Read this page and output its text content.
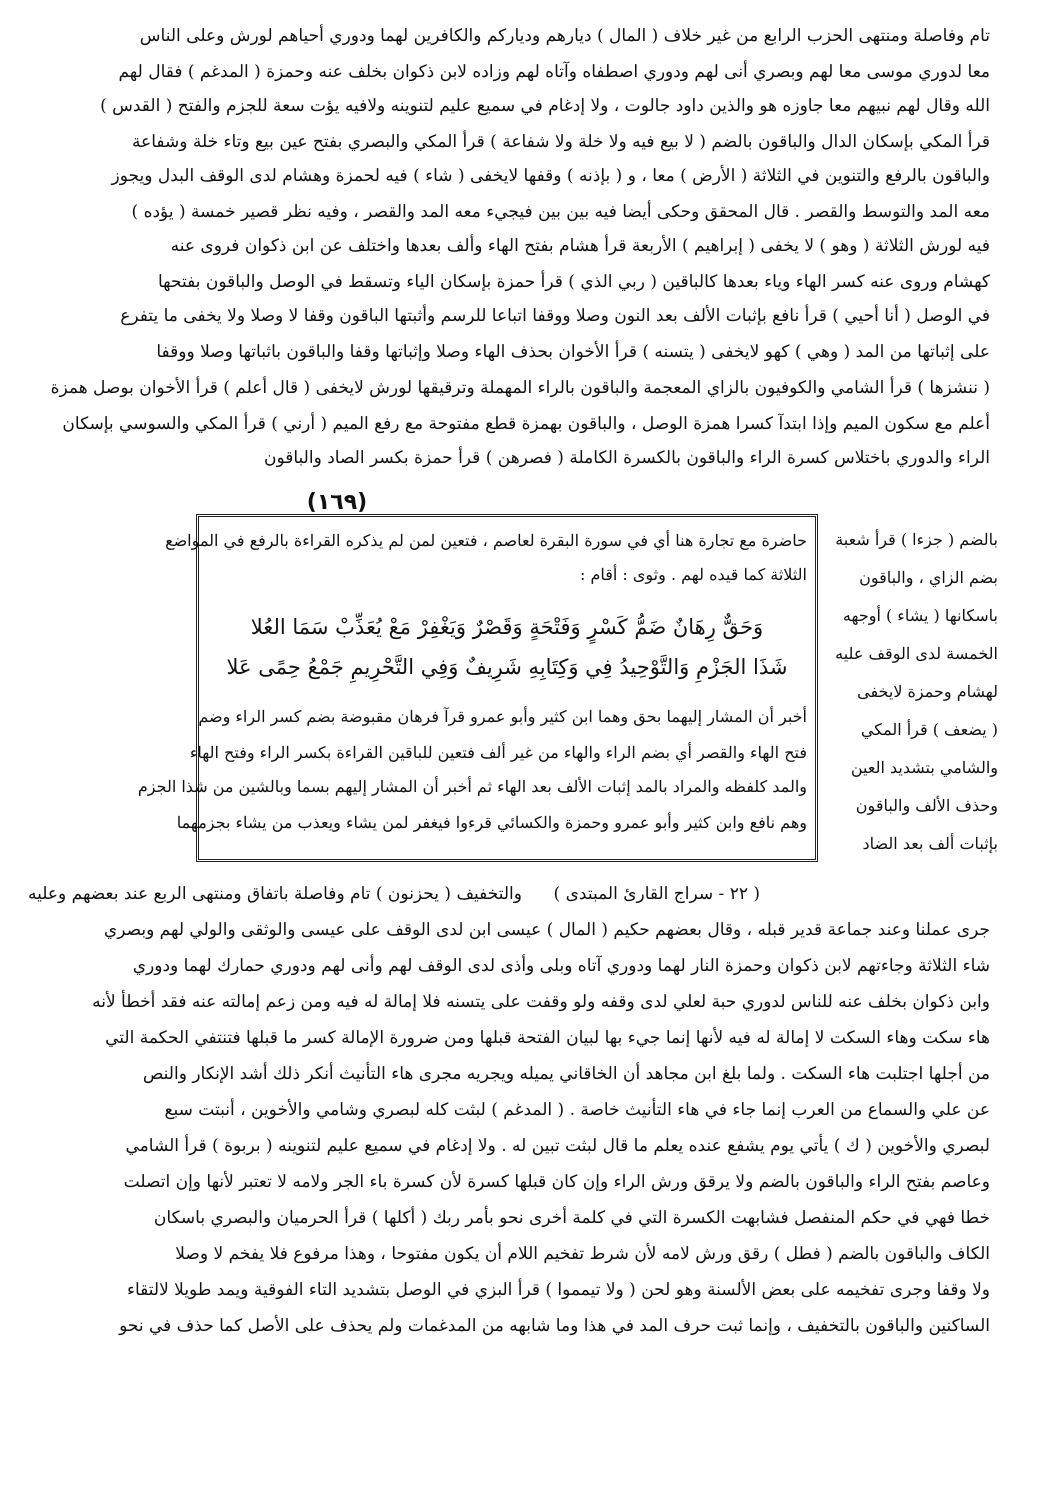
تام وفاصلة ومنتهى الحزب الرابع من غير خلاف ( المال ) ديارهم ودياركم والكافرين لهما ودوري أحياهم لورش وعلى الناس
معا لدوري موسى معا لهم وبصري أنى لهم ودوري اصطفاه وآتاه لهم وزاده لابن ذكوان بخلف عنه وحمزة ( المدغم ) فقال لهم
الله وقال لهم نبيهم معا جاوزه هو والذين داود جالوت ، ولا إدغام في سميع عليم لتنوينه ولافيه يؤت سعة للجزم والفتح ( القدس )
قرأ المكي بإسكان الدال والباقون بالضم ( لا بيع فيه ولا خلة ولا شفاعة ) قرأ المكي والبصري بفتح عين بيع وتاء خلة وشفاعة
والباقون بالرفع والتنوين في الثلاثة ( الأرض ) معا ، و ( بإذنه ) وقفها لايخفى ( شاء ) فيه لحمزة وهشام لدى الوقف البدل ويجوز
معه المد والتوسط والقصر . قال المحقق وحكى أيضا فيه بين بين فيجيء معه المد والقصر ، وفيه نظر قصير خمسة ( يؤده )
فيه لورش الثلاثة ( وهو ) لا يخفى ( إبراهيم ) الأربعة قرأ هشام بفتح الهاء وألف بعدها واختلف عن ابن ذكوان فروى عنه
كهشام وروى عنه كسر الهاء وياء بعدها كالباقين ( ربي الذي ) قرأ حمزة بإسكان الياء وتسقط في الوصل والباقون بفتحها
في الوصل ( أنا أحيي ) قرأ نافع بإثبات الألف بعد النون وصلا ووقفا اتباعا للرسم وأثبتها الباقون وقفا لا وصلا ولا يخفى ما يتفرع
على إثباتها من المد ( وهي ) كهو لايخفى ( يتسنه ) قرأ الأخوان بحذف الهاء وصلا وإثباتها وقفا والباقون باثباتها وصلا ووقفا
( ننشزها ) قرأ الشامي والكوفيون بالزاي المعجمة والباقون بالراء المهملة وترقيقها لورش لايخفى ( قال أعلم ) قرأ الأخوان بوصل همزة
أعلم مع سكون الميم وإذا ابتدآ كسرا همزة الوصل ، والباقون بهمزة قطع مفتوحة مع رفع الميم ( أرني ) قرأ المكي والسوسي بإسكان
الراء والدوري باختلاس كسرة الراء والباقون بالكسرة الكاملة ( فصرهن ) قرأ حمزة بكسر الصاد والباقون
(١٦٩)
بالضم ( جزءا ) قرأ شعبة
بضم الزاي ، والباقون
باسكانها ( يشاء ) أوجهه
الخمسة لدى الوقف عليه
لهشام وحمزة لايخفى
( يضعف ) قرأ المكي
والشامي بتشديد العين
وحذف الألف والباقون
بإثبات ألف بعد الضاد
حاضرة مع تجارة هنا أي في سورة البقرة لعاصم ، فتعين لمن لم يذكره القراءة بالرفع في المواضع
الثلاثة كما قيده لهم . وثوى : أقام :
وَحَقٌّ رِهَانٌ ضَمُّ كَسْرٍ وَفَتْحَةٍ وَقَصْرٌ وَيَغْفِرْ مَعْ يُعَذِّبْ سَمَا العُلا
شَذَا الجَزْمِ وَالتَّوْحِيدُ فِي وَكِتَابِهِ شَرِيفٌ وَفِي التَّحْرِيمِ جَمْعُ حِمًى عَلا
أخبر أن المشار إليهما بحق وهما ابن كثير وأبو عمرو قرآ فرهان مقبوضة بضم كسر الراء وضم
فتح الهاء والقصر أي بضم الراء والهاء من غير ألف فتعين للباقين القراءة بكسر الراء وفتح الهاء
والمد كلفظه والمراد بالمد إثبات الألف بعد الهاء ثم أخبر أن المشار إليهم بسما وبالشين من شذا الجزم
وهم نافع وابن كثير وأبو عمرو وحمزة والكسائي قرءوا فيغفر لمن يشاء ويعذب من يشاء بجزمهما
( ٢٢ - سراج القارئ المبتدى )
والتخفيف ( يحزنون ) تام وفاصلة باتفاق ومنتهى الربع عند بعضهم وعليه
جرى عملنا وعند جماعة قدير قبله ، وقال بعضهم حكيم ( المال ) عيسى ابن لدى الوقف على عيسى والوثقى والولي لهم وبصري
شاء الثلاثة وجاءتهم لابن ذكوان وحمزة النار لهما ودوري آتاه وبلى وأذى لدى الوقف لهم وأنى لهم ودوري حمارك لهما ودوري
وابن ذكوان بخلف عنه للناس لدوري حبة لعلي لدى وقفه ولو وقفت على يتسنه فلا إمالة له فيه ومن زعم إمالته عنه فقد أخطأ لأنه
هاء سكت وهاء السكت لا إمالة له فيه لأنها إنما جيء بها لبيان الفتحة قبلها ومن ضرورة الإمالة كسر ما قبلها فتنتفي الحكمة التي
من أجلها اجتلبت هاء السكت . ولما بلغ ابن مجاهد أن الخاقاني يميله ويجريه مجرى هاء التأنيث أنكر ذلك أشد الإنكار والنص
عن علي والسماع من العرب إنما جاء في هاء التأنيث خاصة . ( المدغم ) لبثت كله لبصري وشامي والأخوين ، أنبتت سبع
لبصري والأخوين ( ك ) يأتي يوم يشفع عنده يعلم ما قال لبثت تبين له . ولا إدغام في سميع عليم لتنوينه ( بربوة ) قرأ الشامي
وعاصم بفتح الراء والباقون بالضم ولا يرقق ورش الراء وإن كان قبلها كسرة لأن كسرة باء الجر ولامه لا تعتبر لأنها وإن اتصلت
خطا فهي في حكم المنفصل فشابهت الكسرة التي في كلمة أخرى نحو بأمر ربك ( أكلها ) قرأ الحرميان والبصري باسكان
الكاف والباقون بالضم ( فطل ) رقق ورش لامه لأن شرط تفخيم اللام أن يكون مفتوحا ، وهذا مرفوع فلا يفخم لا وصلا
ولا وقفا وجرى تفخيمه على بعض الألسنة وهو لحن ( ولا تيمموا ) قرأ البزي في الوصل بتشديد التاء الفوقية ويمد طويلا لالتقاء
الساكنين والباقون بالتخفيف ، وإنما ثبت حرف المد في هذا وما شابهه من المدغمات ولم يحذف على الأصل كما حذف في نحو
